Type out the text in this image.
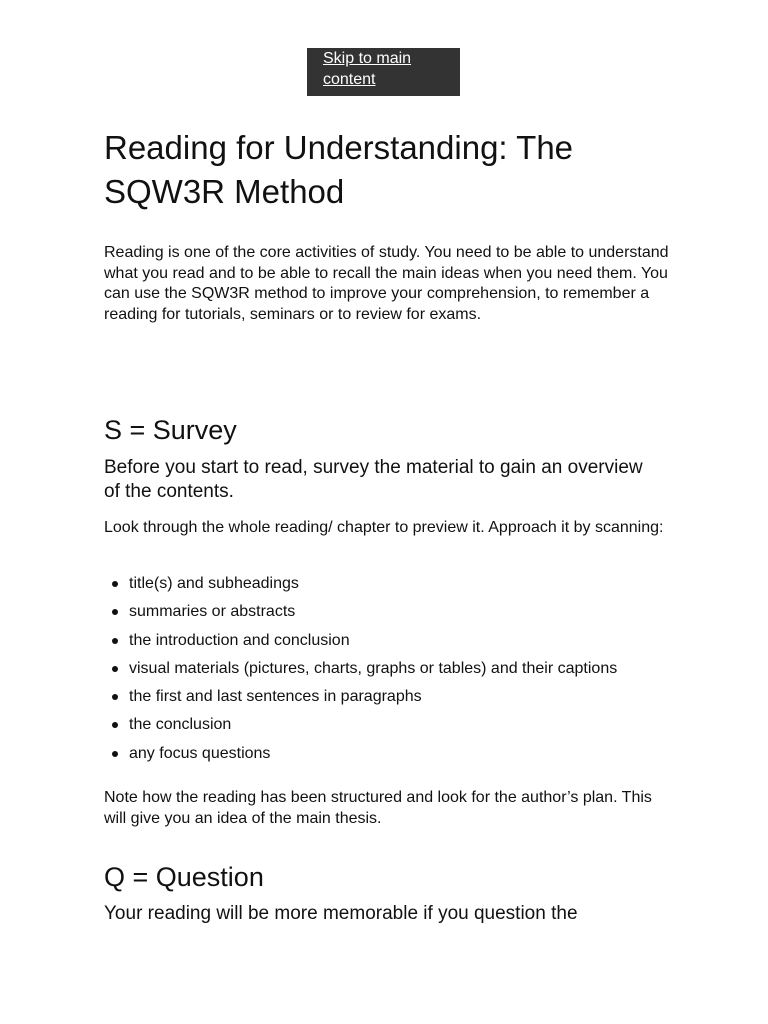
Skip to main content
Reading for Understanding: The SQW3R Method

Reading is one of the core activities of study. You need to be able to understand what you read and to be able to recall the main ideas when you need them. You can use the SQW3R method to improve your comprehension, to remember a reading for tutorials, seminars or to review for exams.

S = Survey

Before you start to read, survey the material to gain an overview of the contents.

Look through the whole reading/ chapter to preview it. Approach it by scanning:

title(s) and subheadings
summaries or abstracts
the introduction and conclusion
visual materials (pictures, charts, graphs or tables) and their captions
the first and last sentences in paragraphs
the conclusion
any focus questions

Note how the reading has been structured and look for the author’s plan. This will give you an idea of the main thesis.

Q = Question

Your reading will be more memorable if you question the
